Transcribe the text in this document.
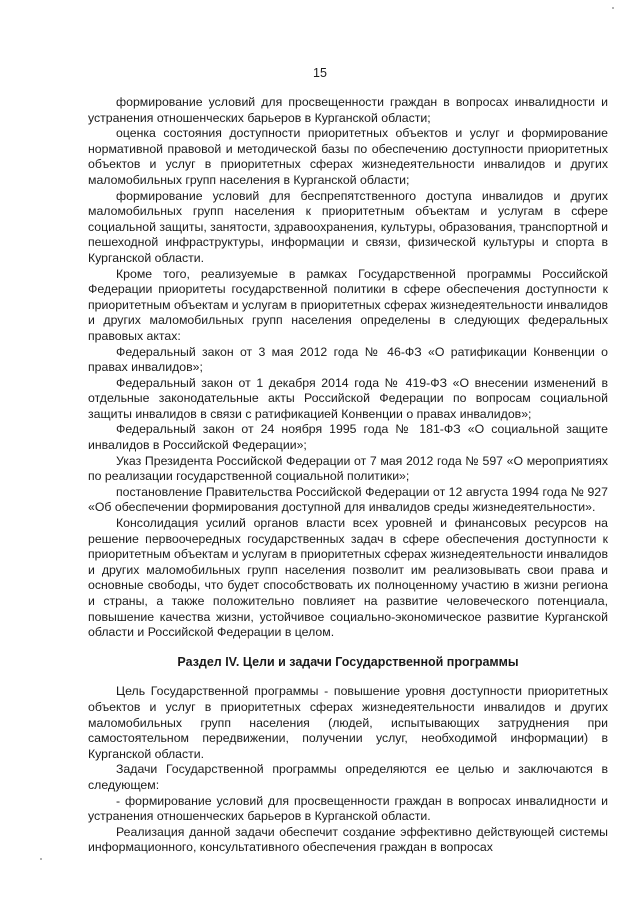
15

формирование условий для просвещенности граждан в вопросах инвалидности и устранения отношенческих барьеров в Курганской области;

оценка состояния доступности приоритетных объектов и услуг и формирование нормативной правовой и методической базы по обеспечению доступности приоритетных объектов и услуг в приоритетных сферах жизнедеятельности инвалидов и других маломобильных групп населения в Курганской области;

формирование условий для беспрепятственного доступа инвалидов и других маломобильных групп населения к приоритетным объектам и услугам в сфере социальной защиты, занятости, здравоохранения, культуры, образования, транспортной и пешеходной инфраструктуры, информации и связи, физической культуры и спорта в Курганской области.

Кроме того, реализуемые в рамках Государственной программы Российской Федерации приоритеты государственной политики в сфере обеспечения доступности к приоритетным объектам и услугам в приоритетных сферах жизнедеятельности инвалидов и других маломобильных групп населения определены в следующих федеральных правовых актах:

Федеральный закон от 3 мая 2012 года № 46-ФЗ «О ратификации Конвенции о правах инвалидов»;

Федеральный закон от 1 декабря 2014 года № 419-ФЗ «О внесении изменений в отдельные законодательные акты Российской Федерации по вопросам социальной защиты инвалидов в связи с ратификацией Конвенции о правах инвалидов»;

Федеральный закон от 24 ноября 1995 года № 181-ФЗ «О социальной защите инвалидов в Российской Федерации»;

Указ Президента Российской Федерации от 7 мая 2012 года № 597 «О мероприятиях по реализации государственной социальной политики»;

постановление Правительства Российской Федерации от 12 августа 1994 года № 927 «Об обеспечении формирования доступной для инвалидов среды жизнедеятельности».

Консолидация усилий органов власти всех уровней и финансовых ресурсов на решение первоочередных государственных задач в сфере обеспечения доступности к приоритетным объектам и услугам в приоритетных сферах жизнедеятельности инвалидов и других маломобильных групп населения позволит им реализовывать свои права и основные свободы, что будет способствовать их полноценному участию в жизни региона и страны, а также положительно повлияет на развитие человеческого потенциала, повышение качества жизни, устойчивое социально-экономическое развитие Курганской области и Российской Федерации в целом.

Раздел IV. Цели и задачи Государственной программы

Цель Государственной программы - повышение уровня доступности приоритетных объектов и услуг в приоритетных сферах жизнедеятельности инвалидов и других маломобильных групп населения (людей, испытывающих затруднения при самостоятельном передвижении, получении услуг, необходимой информации) в Курганской области.

Задачи Государственной программы определяются ее целью и заключаются в следующем:

- формирование условий для просвещенности граждан в вопросах инвалидности и устранения отношенческих барьеров в Курганской области.

Реализация данной задачи обеспечит создание эффективно действующей системы информационного, консультативного обеспечения граждан в вопросах
